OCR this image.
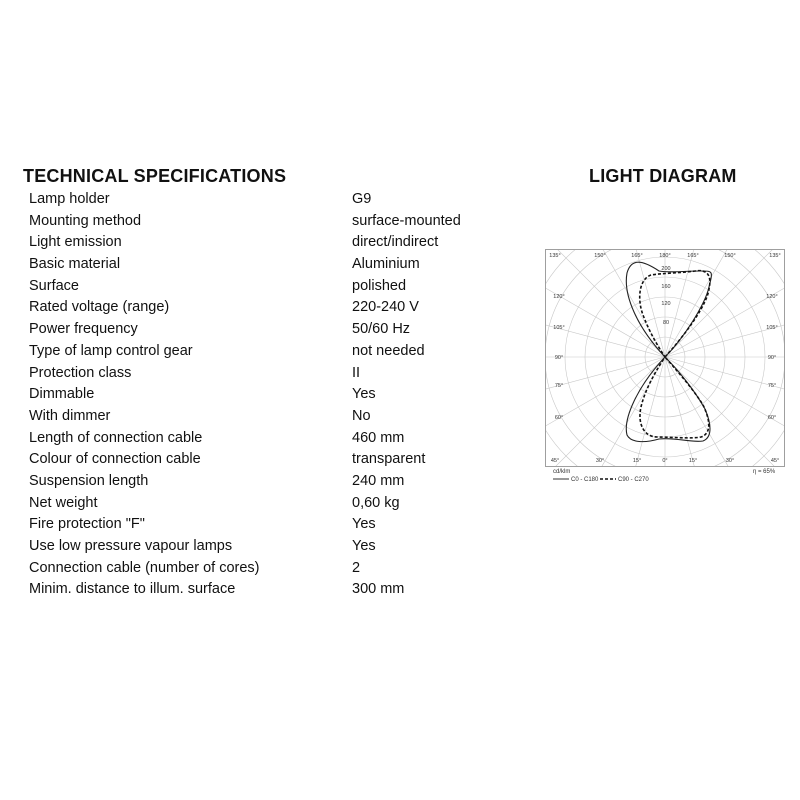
TECHNICAL SPECIFICATIONS
Lamp holder	G9
Mounting method	surface-mounted
Light emission	direct/indirect
Basic material	Aluminium
Surface	polished
Rated voltage (range)	220-240 V
Power frequency	50/60 Hz
Type of lamp control gear	not needed
Protection class	II
Dimmable	Yes
With dimmer	No
Length of connection cable	460 mm
Colour of connection cable	transparent
Suspension length	240 mm
Net weight	0,60 kg
Fire protection "F"	Yes
Use low pressure vapour lamps	Yes
Connection cable (number of cores)	2
Minim. distance to illum. surface	300 mm
LIGHT DIAGRAM
135°	150°	165°	180°	165°	150°	135°
45°	30°	15°	0°	15°	30°	45°
120°
105°
90°
75°
60°
120°
105°
90°
75°
60°
200
160
120
80
cd/klm
C0 - C180	C90 - C270
η = 65%
